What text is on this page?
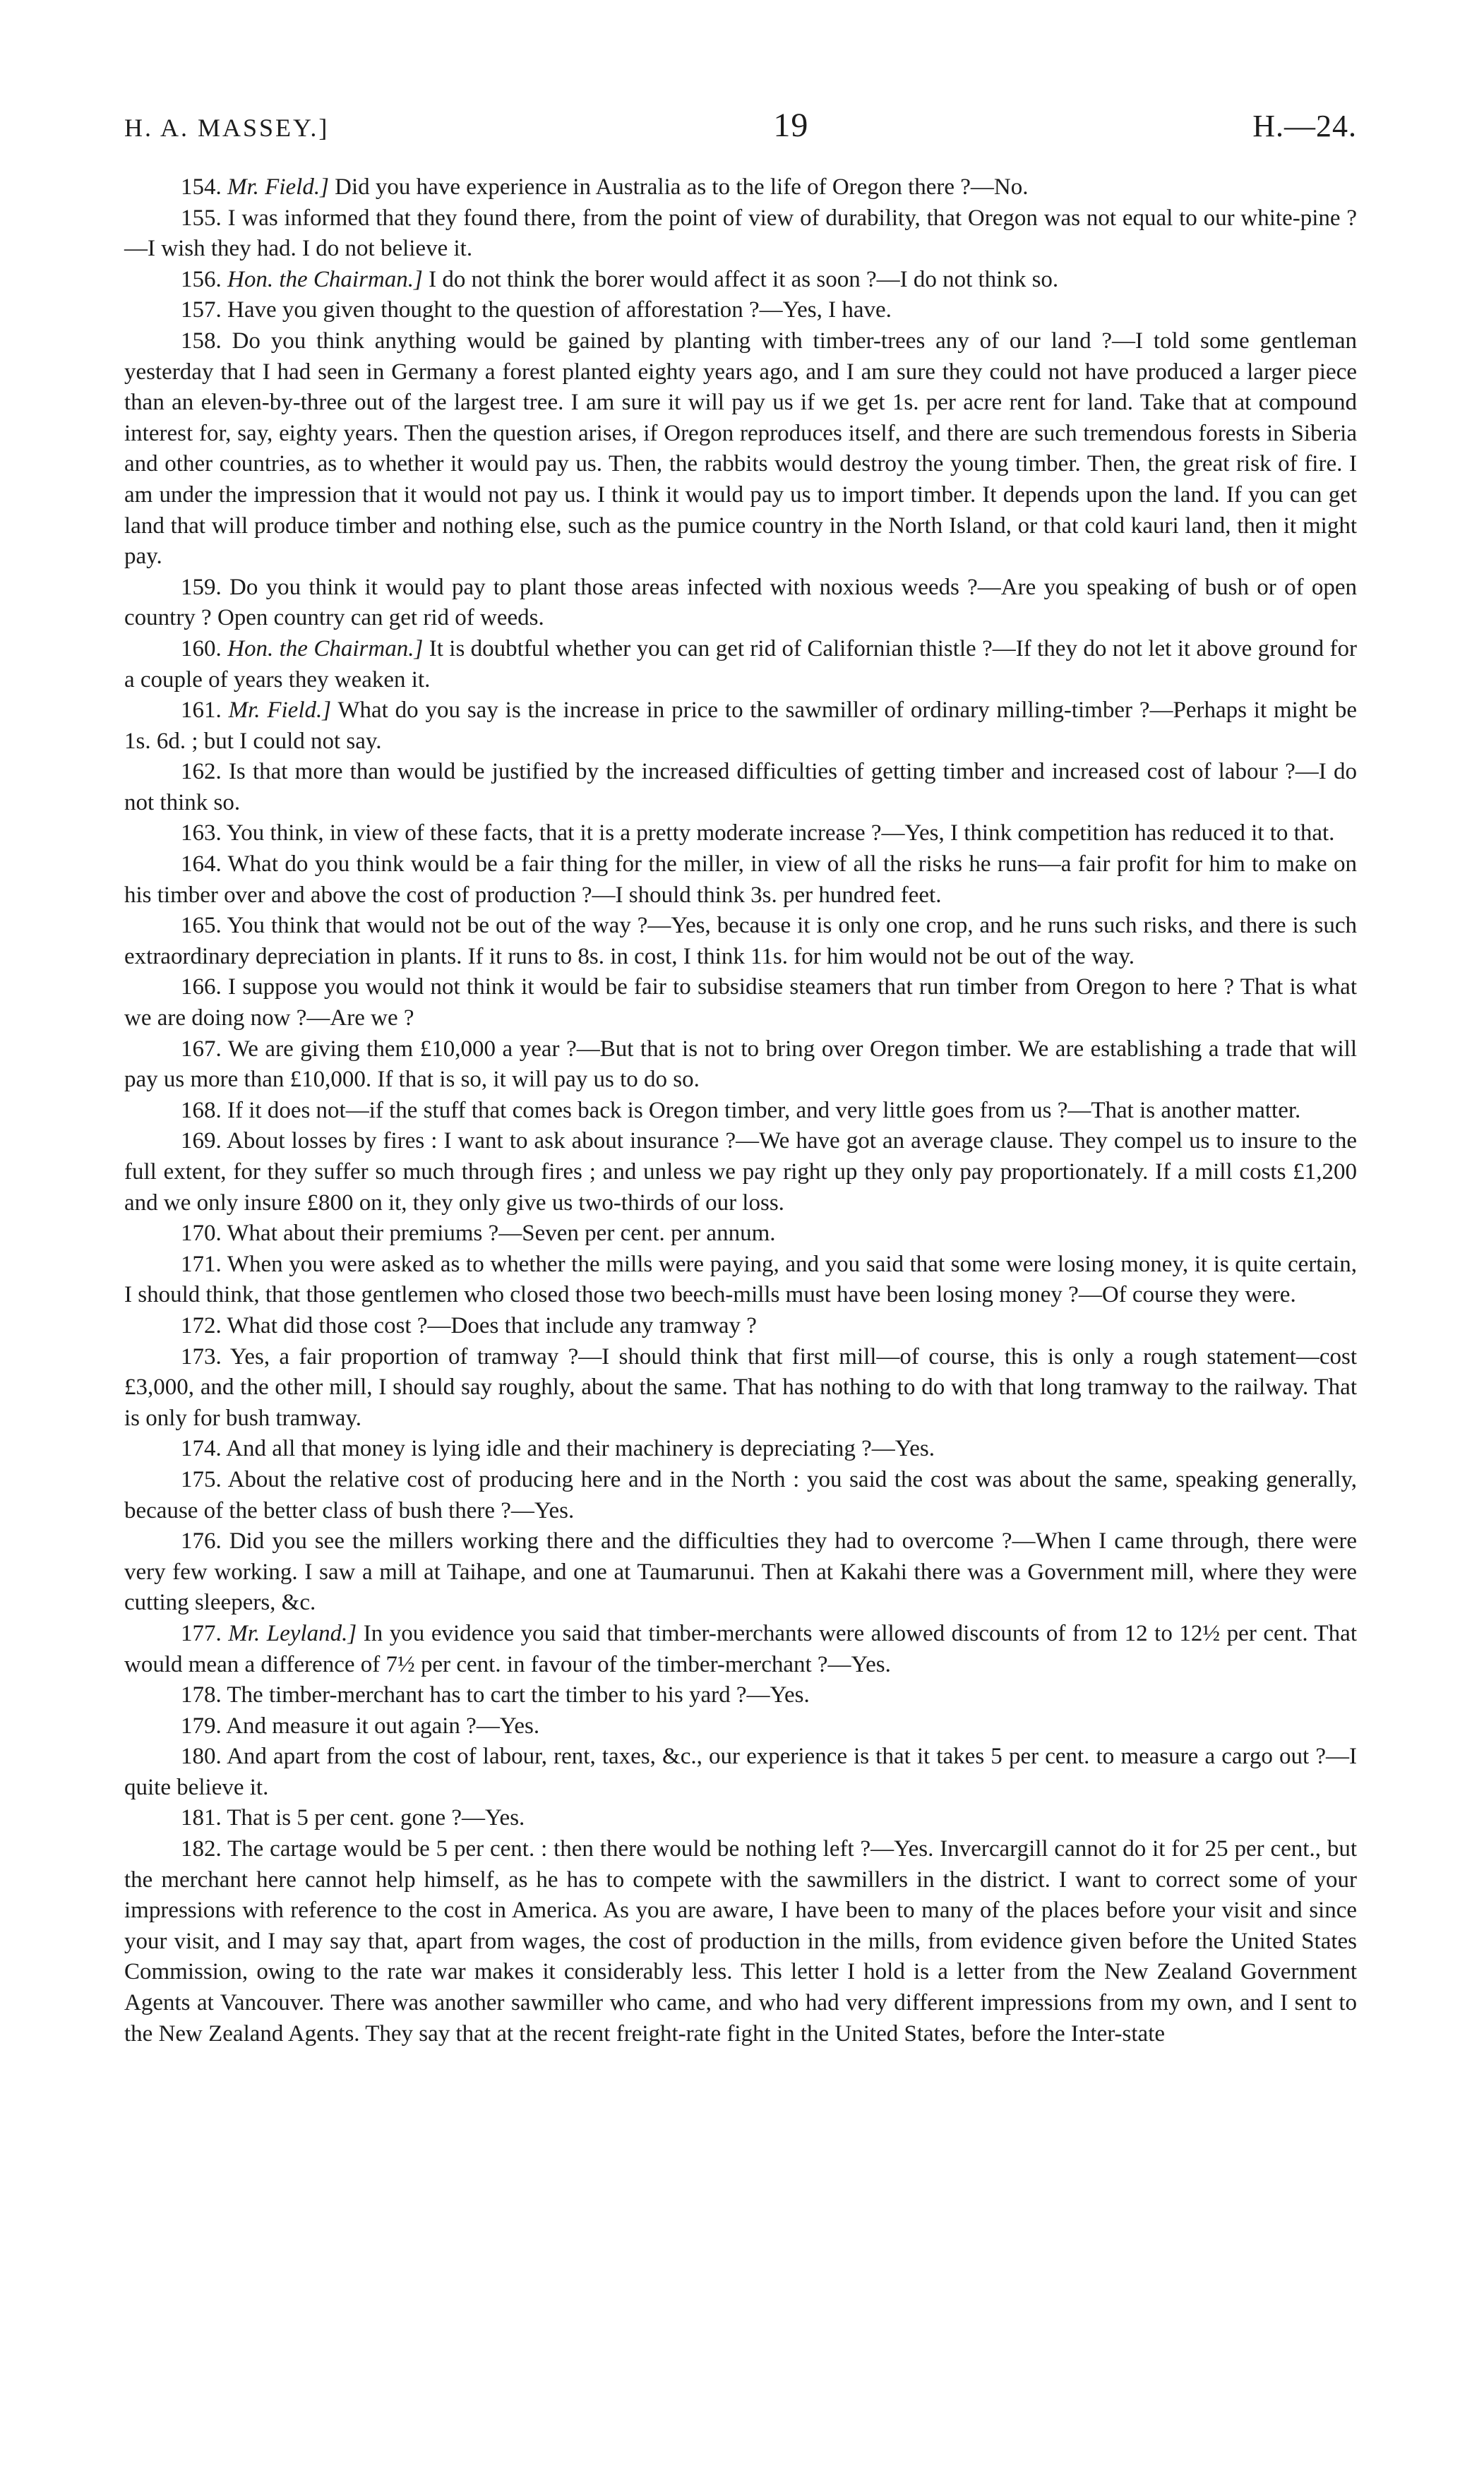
H. A. MASSEY.]	19	H.—24.

154. Mr. Field.] Did you have experience in Australia as to the life of Oregon there ?—No.

155. I was informed that they found there, from the point of view of durability, that Oregon was not equal to our white-pine ?—I wish they had. I do not believe it.

156. Hon. the Chairman.] I do not think the borer would affect it as soon ?—I do not think so.

157. Have you given thought to the question of afforestation ?—Yes, I have.

158. Do you think anything would be gained by planting with timber-trees any of our land ?—I told some gentleman yesterday that I had seen in Germany a forest planted eighty years ago, and I am sure they could not have produced a larger piece than an eleven-by-three out of the largest tree. I am sure it will pay us if we get 1s. per acre rent for land. Take that at compound interest for, say, eighty years. Then the question arises, if Oregon reproduces itself, and there are such tremendous forests in Siberia and other countries, as to whether it would pay us. Then, the rabbits would destroy the young timber. Then, the great risk of fire. I am under the impression that it would not pay us. I think it would pay us to import timber. It depends upon the land. If you can get land that will produce timber and nothing else, such as the pumice country in the North Island, or that cold kauri land, then it might pay.

159. Do you think it would pay to plant those areas infected with noxious weeds ?—Are you speaking of bush or of open country ? Open country can get rid of weeds.

160. Hon. the Chairman.] It is doubtful whether you can get rid of Californian thistle ?—If they do not let it above ground for a couple of years they weaken it.

161. Mr. Field.] What do you say is the increase in price to the sawmiller of ordinary milling-timber ?—Perhaps it might be 1s. 6d. ; but I could not say.

162. Is that more than would be justified by the increased difficulties of getting timber and increased cost of labour ?—I do not think so.

163. You think, in view of these facts, that it is a pretty moderate increase ?—Yes, I think competition has reduced it to that.

164. What do you think would be a fair thing for the miller, in view of all the risks he runs—a fair profit for him to make on his timber over and above the cost of production ?—I should think 3s. per hundred feet.

165. You think that would not be out of the way ?—Yes, because it is only one crop, and he runs such risks, and there is such extraordinary depreciation in plants. If it runs to 8s. in cost, I think 11s. for him would not be out of the way.

166. I suppose you would not think it would be fair to subsidise steamers that run timber from Oregon to here ? That is what we are doing now ?—Are we ?

167. We are giving them £10,000 a year ?—But that is not to bring over Oregon timber. We are establishing a trade that will pay us more than £10,000. If that is so, it will pay us to do so.

168. If it does not—if the stuff that comes back is Oregon timber, and very little goes from us ?—That is another matter.

169. About losses by fires : I want to ask about insurance ?—We have got an average clause. They compel us to insure to the full extent, for they suffer so much through fires ; and unless we pay right up they only pay proportionately. If a mill costs £1,200 and we only insure £800 on it, they only give us two-thirds of our loss.

170. What about their premiums ?—Seven per cent. per annum.

171. When you were asked as to whether the mills were paying, and you said that some were losing money, it is quite certain, I should think, that those gentlemen who closed those two beech-mills must have been losing money ?—Of course they were.

172. What did those cost ?—Does that include any tramway ?

173. Yes, a fair proportion of tramway ?—I should think that first mill—of course, this is only a rough statement—cost £3,000, and the other mill, I should say roughly, about the same. That has nothing to do with that long tramway to the railway. That is only for bush tramway.

174. And all that money is lying idle and their machinery is depreciating ?—Yes.

175. About the relative cost of producing here and in the North : you said the cost was about the same, speaking generally, because of the better class of bush there ?—Yes.

176. Did you see the millers working there and the difficulties they had to overcome ?—When I came through, there were very few working. I saw a mill at Taihape, and one at Taumarunui. Then at Kakahi there was a Government mill, where they were cutting sleepers, &c.

177. Mr. Leyland.] In you evidence you said that timber-merchants were allowed discounts of from 12 to 12½ per cent. That would mean a difference of 7½ per cent. in favour of the timber-merchant ?—Yes.

178. The timber-merchant has to cart the timber to his yard ?—Yes.

179. And measure it out again ?—Yes.

180. And apart from the cost of labour, rent, taxes, &c., our experience is that it takes 5 per cent. to measure a cargo out ?—I quite believe it.

181. That is 5 per cent. gone ?—Yes.

182. The cartage would be 5 per cent. : then there would be nothing left ?—Yes. Invercargill cannot do it for 25 per cent., but the merchant here cannot help himself, as he has to compete with the sawmillers in the district. I want to correct some of your impressions with reference to the cost in America. As you are aware, I have been to many of the places before your visit and since your visit, and I may say that, apart from wages, the cost of production in the mills, from evidence given before the United States Commission, owing to the rate war makes it considerably less. This letter I hold is a letter from the New Zealand Government Agents at Vancouver. There was another sawmiller who came, and who had very different impressions from my own, and I sent to the New Zealand Agents. They say that at the recent freight-rate fight in the United States, before the Inter-state
